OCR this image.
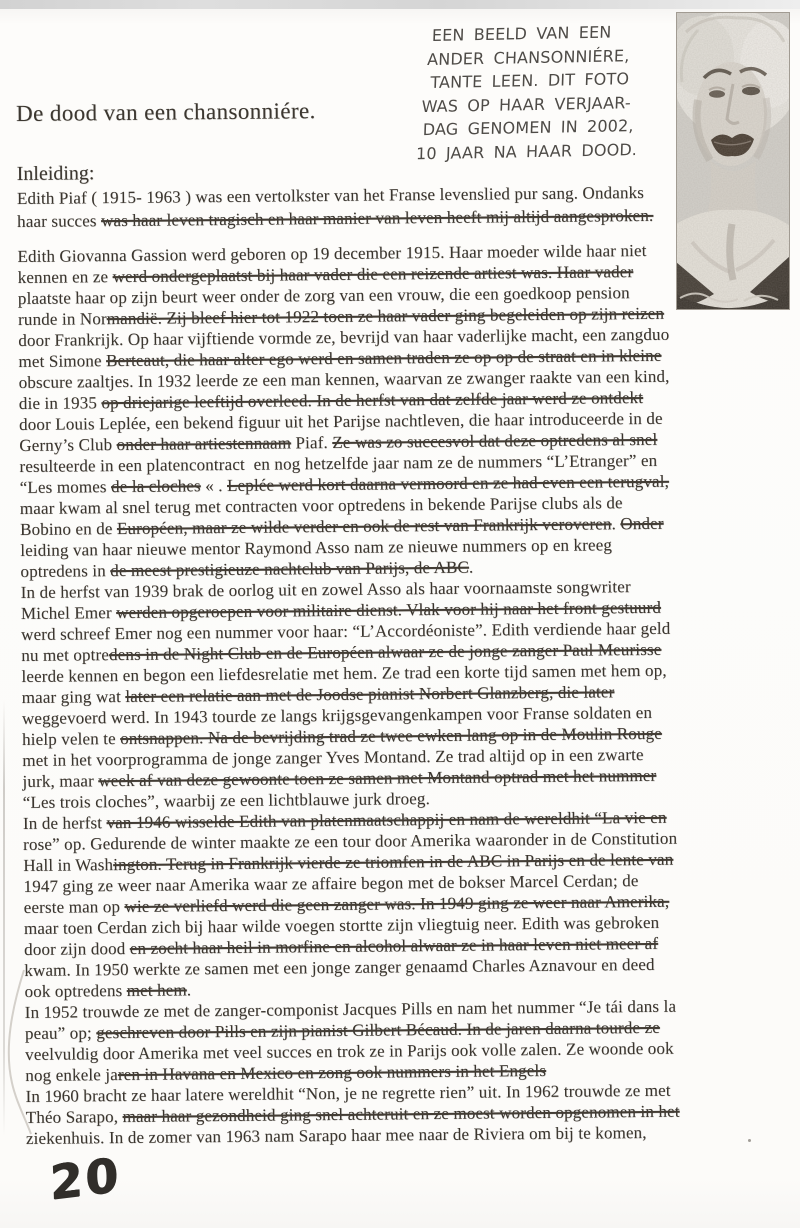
De dood van een chansonniére.
Inleiding:
Edith Piaf ( 1915- 1963 ) was een vertolkster van het Franse levenslied pur sang. Ondanks
haar succes was haar leven tragisch en haar manier van leven heeft mij altijd aangesproken.
Edith Giovanna Gassion werd geboren op 19 december 1915. Haar moeder wilde haar niet
kennen en ze werd ondergeplaatst bij haar vader die een reizende artiest was. Haar vader
plaatste haar op zijn beurt weer onder de zorg van een vrouw, die een goedkoop pension
runde in Normandië. Zij bleef hier tot 1922 toen ze haar vader ging begeleiden op zijn reizen
door Frankrijk. Op haar vijftiende vormde ze, bevrijd van haar vaderlijke macht, een zangduo
met Simone Berteaut, die haar alter ego werd en samen traden ze op op de straat en in kleine
obscure zaaltjes. In 1932 leerde ze een man kennen, waarvan ze zwanger raakte van een kind,
die in 1935 op driejarige leeftijd overleed. In de herfst van dat zelfde jaar werd ze ontdekt
door Louis Leplée, een bekend figuur uit het Parijse nachtleven, die haar introduceerde in de
Gerny’s Club onder haar artiestennaam Piaf. Ze was zo succesvol dat deze optredens al snel
resulteerde in een platencontract  en nog hetzelfde jaar nam ze de nummers “L’Etranger” en
“Les momes de la cloches « . Leplée werd kort daarna vermoord en ze had even een terugval,
maar kwam al snel terug met contracten voor optredens in bekende Parijse clubs als de
Bobino en de Européen, maar ze wilde verder en ook de rest van Frankrijk veroveren. Onder
leiding van haar nieuwe mentor Raymond Asso nam ze nieuwe nummers op en kreeg
optredens in de meest prestigieuze nachtclub van Parijs, de ABC.
In de herfst van 1939 brak de oorlog uit en zowel Asso als haar voornaamste songwriter
Michel Emer werden opgeroepen voor militaire dienst. Vlak voor hij naar het front gestuurd
werd schreef Emer nog een nummer voor haar: “L’Accordéoniste”. Edith verdiende haar geld
nu met optredens in de Night Club en de Européen alwaar ze de jonge zanger Paul Meurisse
leerde kennen en begon een liefdesrelatie met hem. Ze trad een korte tijd samen met hem op,
maar ging wat later een relatie aan met de Joodse pianist Norbert Glanzberg, die later
weggevoerd werd. In 1943 tourde ze langs krijgsgevangenkampen voor Franse soldaten en
hielp velen te ontsnappen. Na de bevrijding trad ze twee ewken lang op in de Moulin Rouge
met in het voorprogramma de jonge zanger Yves Montand. Ze trad altijd op in een zwarte
jurk, maar week af van deze gewoonte toen ze samen met Montand optrad met het nummer
“Les trois cloches”, waarbij ze een lichtblauwe jurk droeg.
In de herfst van 1946 wisselde Edith van platenmaatschappij en nam de wereldhit “La vie en
rose” op. Gedurende de winter maakte ze een tour door Amerika waaronder in de Constitution
Hall in Washington. Terug in Frankrijk vierde ze triomfen in de ABC in Parijs en de lente van
1947 ging ze weer naar Amerika waar ze affaire begon met de bokser Marcel Cerdan; de
eerste man op wie ze verliefd werd die geen zanger was. In 1949 ging ze weer naar Amerika,
maar toen Cerdan zich bij haar wilde voegen stortte zijn vliegtuig neer. Edith was gebroken
door zijn dood en zocht haar heil in morfine en alcohol alwaar ze in haar leven niet meer af
kwam. In 1950 werkte ze samen met een jonge zanger genaamd Charles Aznavour en deed
ook optredens met hem.
In 1952 trouwde ze met de zanger-componist Jacques Pills en nam het nummer “Je tái dans la
peau” op; geschreven door Pills en zijn pianist Gilbert Bécaud. In de jaren daarna tourde ze
veelvuldig door Amerika met veel succes en trok ze in Parijs ook volle zalen. Ze woonde ook
nog enkele jaren in Havana en Mexico en zong ook nummers in het Engels
In 1960 bracht ze haar latere wereldhit “Non, je ne regrette rien” uit. In 1962 trouwde ze met
Théo Sarapo, maar haar gezondheid ging snel achteruit en ze moest worden opgenomen in het
ziekenhuis. In de zomer van 1963 nam Sarapo haar mee naar de Riviera om bij te komen,
EEN BEELD VAN EEN
ANDER CHANSONNIÉRE,
TANTE LEEN. DIT FOTO
WAS OP HAAR VERJAAR-
DAG GENOMEN IN 2002,
10 JAAR NA HAAR DOOD.
20
